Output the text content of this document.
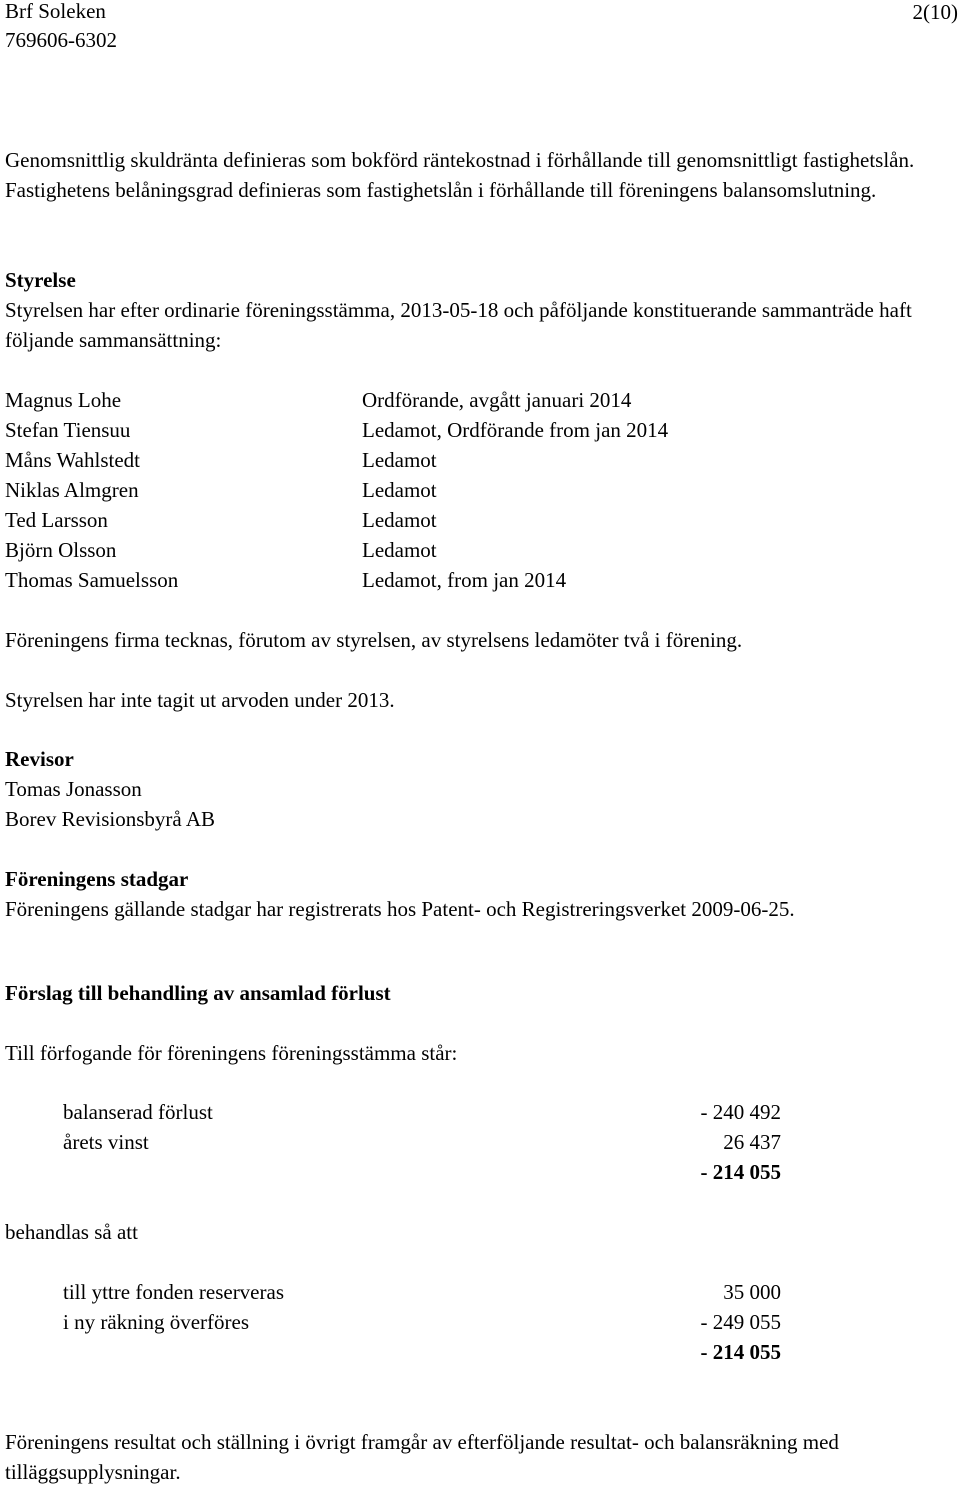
Brf Soleken
769606-6302
2(10)

Genomsnittlig skuldränta definieras som bokförd räntekostnad i förhållande till genomsnittligt fastighetslån. Fastighetens belåningsgrad definieras som fastighetslån i förhållande till föreningens balansomslutning.

Styrelse

Styrelsen har efter ordinarie föreningsstämma, 2013-05-18 och påföljande konstituerande sammanträde haft följande sammansättning:

Magnus Lohe	Ordförande, avgått januari 2014
Stefan Tiensuu	Ledamot, Ordförande from jan 2014
Måns Wahlstedt	Ledamot
Niklas Almgren	Ledamot
Ted Larsson	Ledamot
Björn Olsson	Ledamot
Thomas Samuelsson	Ledamot, from jan 2014
Föreningens firma tecknas, förutom av styrelsen, av styrelsens ledamöter två i förening.
Styrelsen har inte tagit ut arvoden under 2013.
Revisor
Tomas Jonasson
Borev Revisionsbyrå AB
Föreningens stadgar
Föreningens gällande stadgar har registrerats hos Patent- och Registreringsverket 2009-06-25.
Förslag till behandling av ansamlad förlust
Till förfogande för föreningens föreningsstämma står:
balanserad förlust	- 240 492
årets vinst	26 437
- 214 055
behandlas så att
till yttre fonden reserveras	35 000
i ny räkning överföres	- 249 055
- 214 055

Föreningens resultat och ställning i övrigt framgår av efterföljande resultat- och balansräkning med tilläggsupplysningar.
